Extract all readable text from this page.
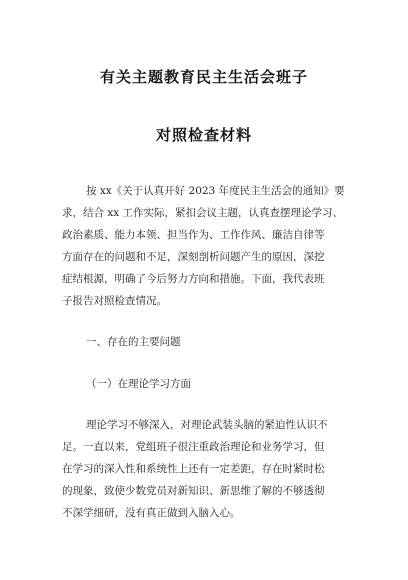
有关主题教育民主生活会班子
对照检查材料
按 xx《关于认真开好 2023 年度民主生活会的通知》要
求，结合 xx 工作实际，紧扣会议主题，认真查摆理论学习、
政治素质、能力本领、担当作为、工作作风、廉洁自律等
方面存在的问题和不足，深刻剖析问题产生的原因，深挖
症结根源，明确了今后努力方向和措施。下面，我代表班
子报告对照检查情况。
一、存在的主要问题
（一）在理论学习方面
理论学习不够深入，对理论武装头脑的紧迫性认识不
足。一直以来，党组班子很注重政治理论和业务学习，但
在学习的深入性和系统性上还有一定差距，存在时紧时松
的现象，致使少数党员对新知识、新思维了解的不够透彻
不深学细研，没有真正做到入脑入心。
